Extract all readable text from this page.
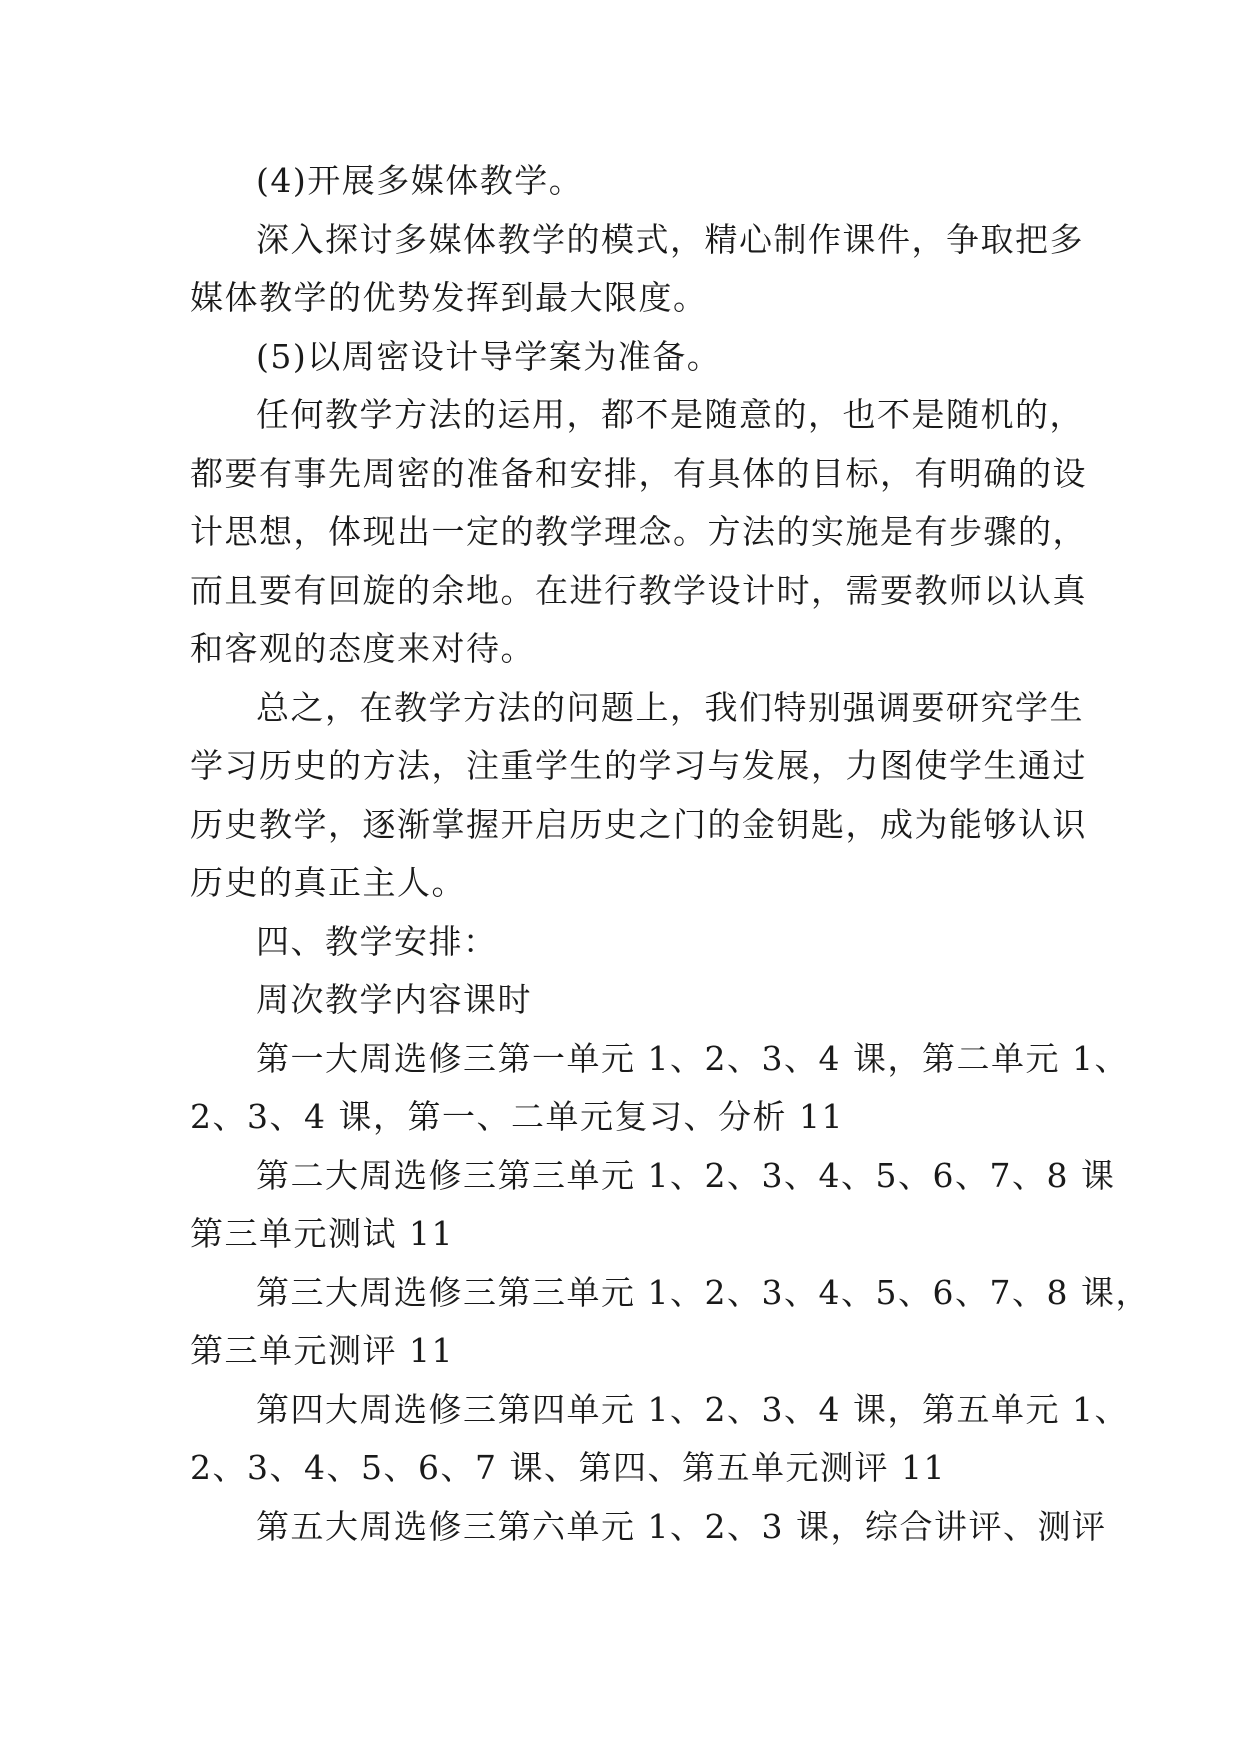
(4)开展多媒体教学。
深入探讨多媒体教学的模式，精心制作课件，争取把多
媒体教学的优势发挥到最大限度。
(5)以周密设计导学案为准备。
任何教学方法的运用，都不是随意的，也不是随机的，
都要有事先周密的准备和安排，有具体的目标，有明确的设
计思想，体现出一定的教学理念。方法的实施是有步骤的，
而且要有回旋的余地。在进行教学设计时，需要教师以认真
和客观的态度来对待。
总之，在教学方法的问题上，我们特别强调要研究学生
学习历史的方法，注重学生的学习与发展，力图使学生通过
历史教学，逐渐掌握开启历史之门的金钥匙，成为能够认识
历史的真正主人。
四、教学安排：
周次教学内容课时
第一大周选修三第一单元 1、2、3、4 课，第二单元 1、
2、3、4 课，第一、二单元复习、分析 11
第二大周选修三第三单元 1、2、3、4、5、6、7、8 课
第三单元测试 11
第三大周选修三第三单元 1、2、3、4、5、6、7、8 课，
第三单元测评 11
第四大周选修三第四单元 1、2、3、4 课，第五单元 1、
2、3、4、5、6、7 课、第四、第五单元测评 11
第五大周选修三第六单元 1、2、3 课，综合讲评、测评
